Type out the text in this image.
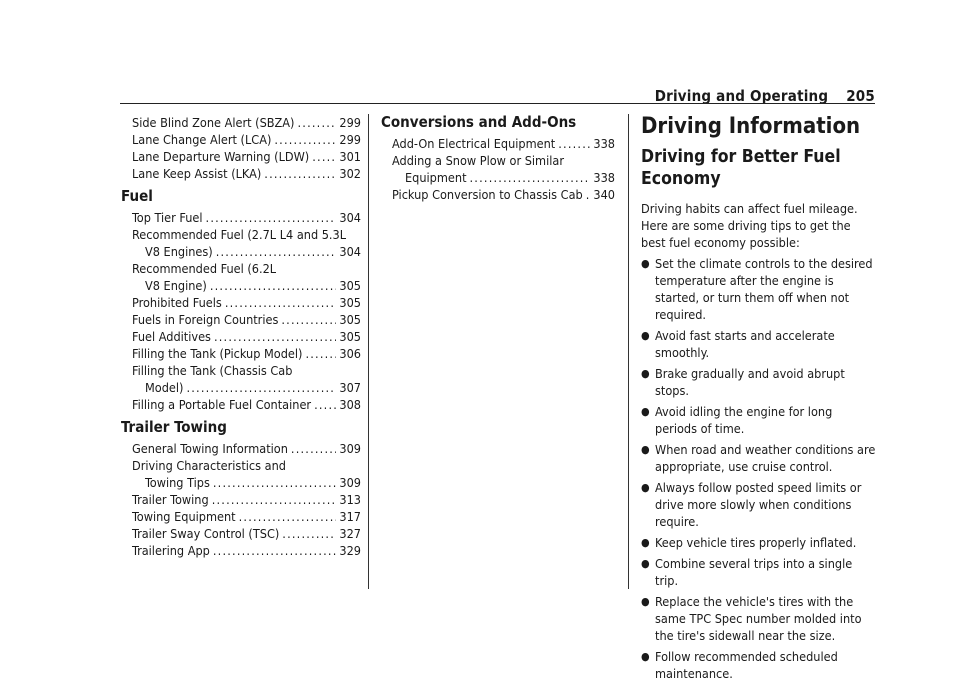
Driving and Operating 205
Side Blind Zone Alert (SBZA) . . .	299
Lane Change Alert (LCA) . . .	299
Lane Departure Warning (LDW) . . . 301
Lane Keep Assist (LKA) . . .	302
Fuel
Top Tier Fuel . . .	304
Recommended Fuel (2.7L L4 and 5.3L
V8 Engines) . . .	304
Recommended Fuel (6.2L
V8 Engine) . . .	305
Prohibited Fuels . . .	305
Fuels in Foreign Countries . . .	305
Fuel Additives . . .	305
Filling the Tank (Pickup Model) . . .	306
Filling the Tank (Chassis Cab
Model) . . .	307
Filling a Portable Fuel Container . . . 308
Trailer Towing
General Towing Information . . .	309
Driving Characteristics and
Towing Tips . . .	309
Trailer Towing . . .	313
Towing Equipment . . .	317
Trailer Sway Control (TSC) . . .	327
Trailering App . . .	329
Conversions and Add-Ons
Add-On Electrical Equipment . . .	338
Adding a Snow Plow or Similar
Equipment . . .	338
Pickup Conversion to Chassis Cab . . . 340
Driving Information
Driving for Better Fuel Economy

Driving habits can affect fuel mileage. Here are some driving tips to get the best fuel economy possible:

● Set the climate controls to the desired temperature after the engine is started, or turn them off when not required.
● Avoid fast starts and accelerate smoothly.
● Brake gradually and avoid abrupt stops.
● Avoid idling the engine for long periods of time.
● When road and weather conditions are appropriate, use cruise control.
● Always follow posted speed limits or drive more slowly when conditions require.
● Keep vehicle tires properly inflated.
● Combine several trips into a single trip.
● Replace the vehicle's tires with the same TPC Spec number molded into the tire's sidewall near the size.
● Follow recommended scheduled maintenance.
